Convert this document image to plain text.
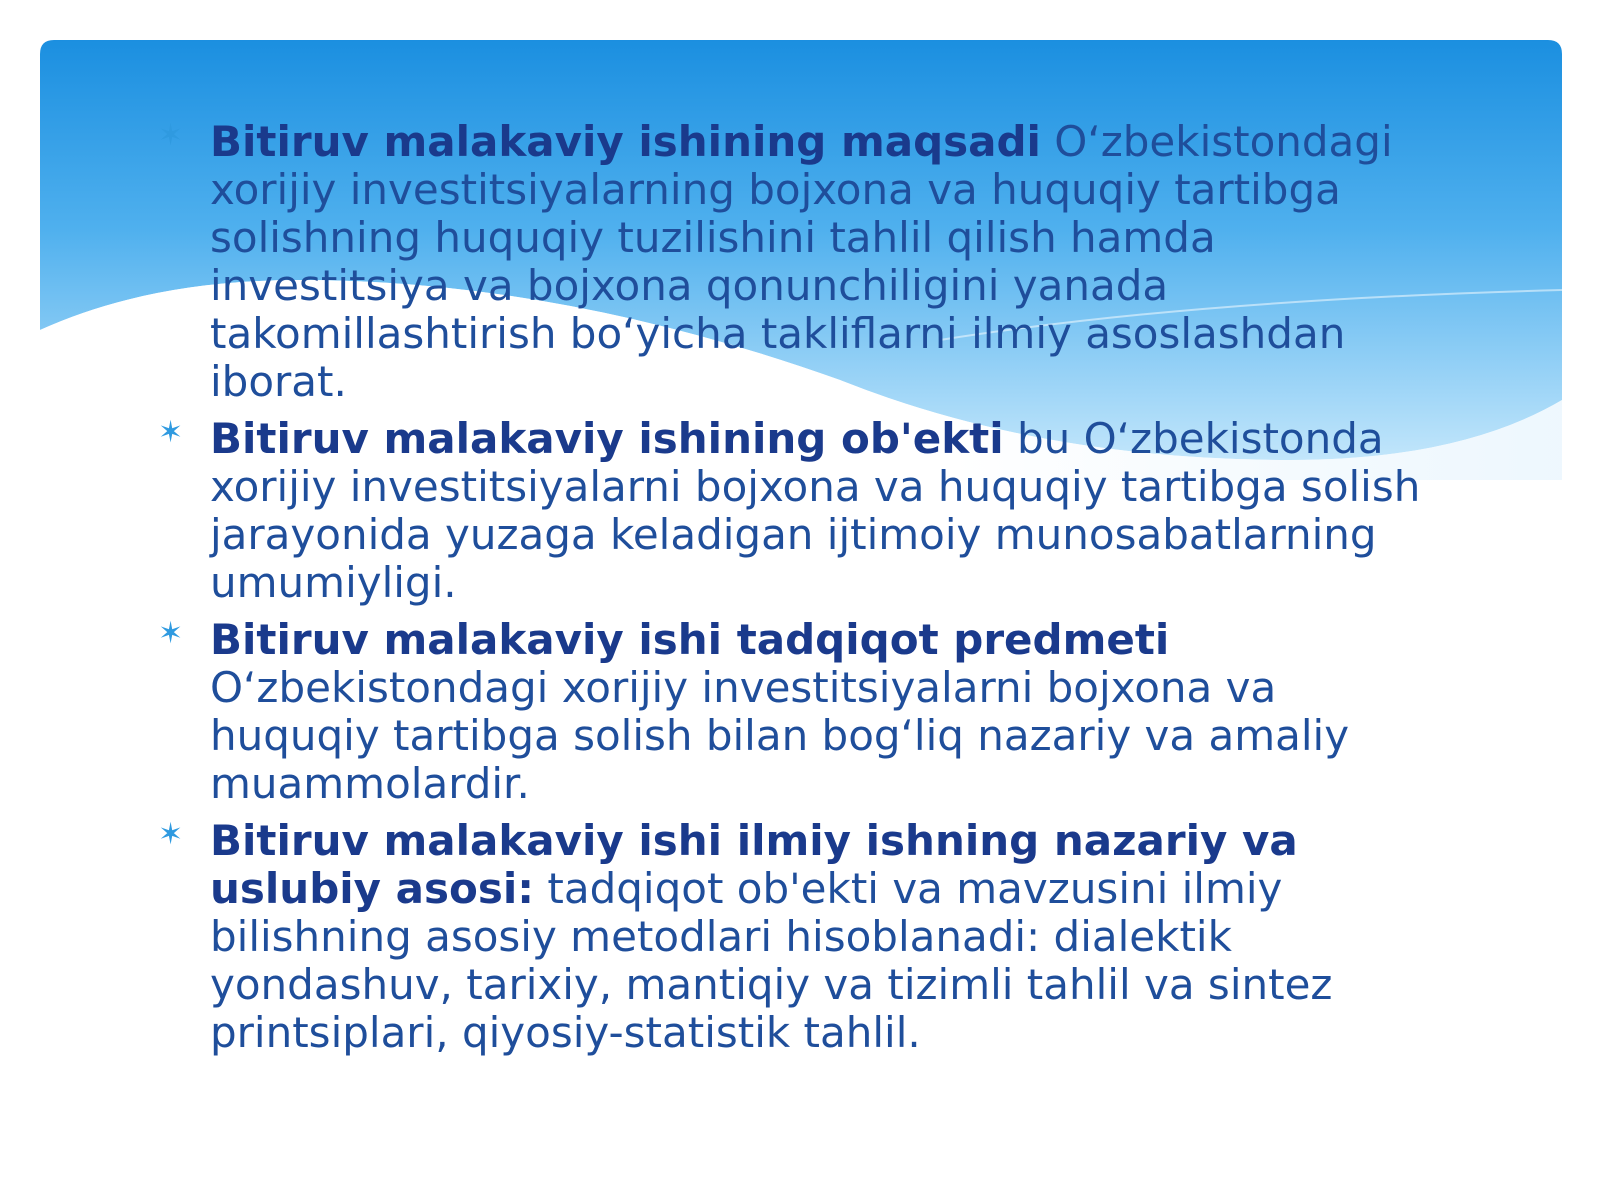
✶ Bitiruv malakaviy ishining maqsadi O‘zbekistondagi xorijiy investitsiyalarning bojxona va huquqiy tartibga solishning huquqiy tuzilishini tahlil qilish hamda investitsiya va bojxona qonunchiligini yanada takomillashtirish bo‘yicha takliflarni ilmiy asoslashdan iborat.
✶ Bitiruv malakaviy ishining ob'ekti bu O‘zbekistonda xorijiy investitsiyalarni bojxona va huquqiy tartibga solish jarayonida yuzaga keladigan ijtimoiy munosabatlarning umumiyligi.
✶ Bitiruv malakaviy ishi tadqiqot predmeti O‘zbekistondagi xorijiy investitsiyalarni bojxona va huquqiy tartibga solish bilan bog‘liq nazariy va amaliy muammolardir.
✶ Bitiruv malakaviy ishi ilmiy ishning nazariy va uslubiy asosi: tadqiqot ob'ekti va mavzusini ilmiy bilishning asosiy metodlari hisoblanadi: dialektik yondashuv, tarixiy, mantiqiy va tizimli tahlil va sintez printsiplari, qiyosiy-statistik tahlil.
